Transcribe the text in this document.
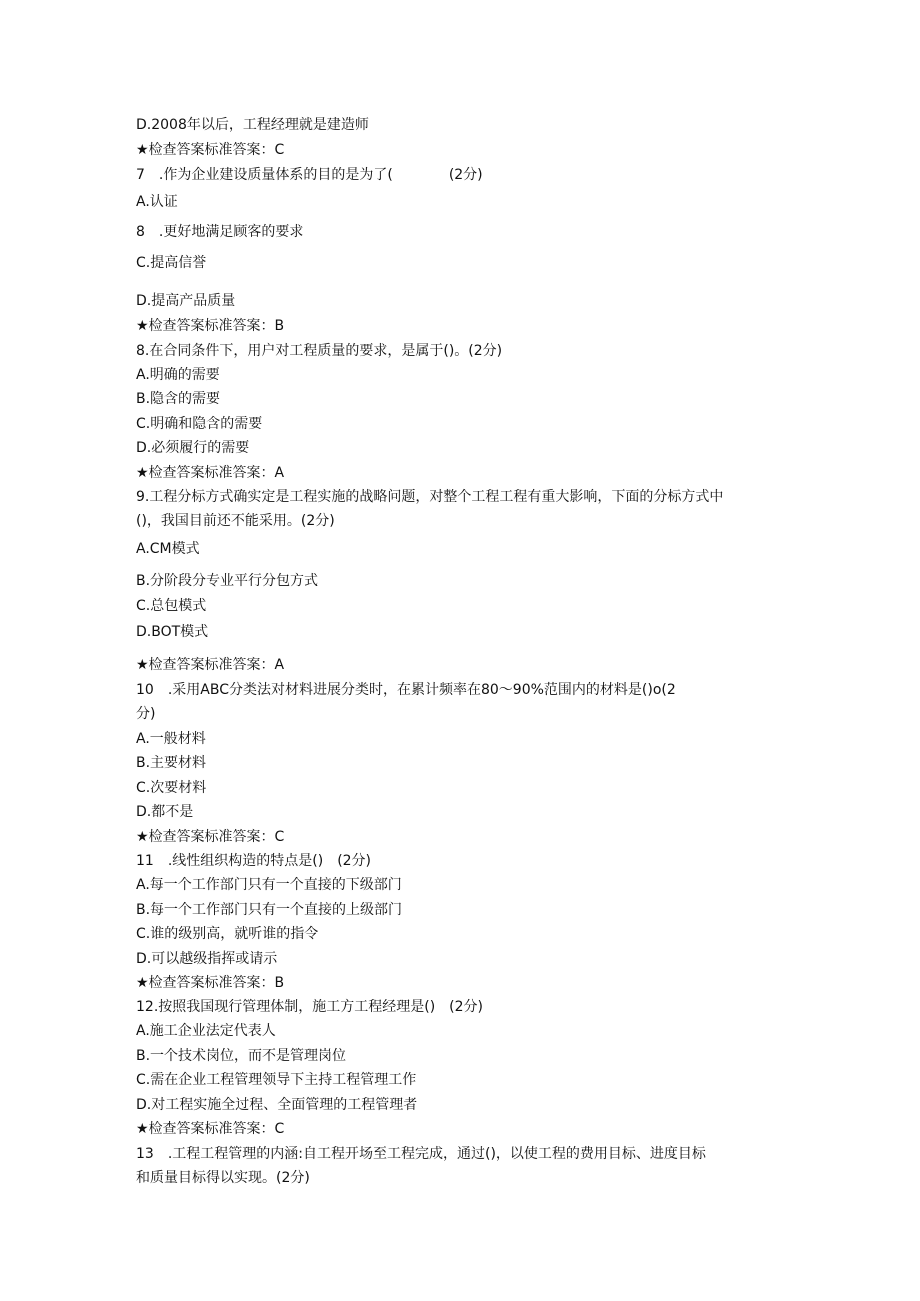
D.2008年以后，工程经理就是建造师
★检查答案标准答案：C
7　.作为企业建设质量体系的目的是为了(　　　　(2分)
A.认证
8　.更好地满足顾客的要求
C.提高信誉
D.提高产品质量
★检查答案标准答案：B
8.在合同条件下，用户对工程质量的要求，是属于()。(2分)
A.明确的需要
B.隐含的需要
C.明确和隐含的需要
D.必须履行的需要
★检查答案标准答案：A
9.工程分标方式确实定是工程实施的战略问题，对整个工程工程有重大影响，下面的分标方式中
()，我国目前还不能采用。(2分)
A.CM模式
B.分阶段分专业平行分包方式
C.总包模式
D.BOT模式
★检查答案标准答案：A
10　.采用ABC分类法对材料进展分类时，在累计频率在80～90%范围内的材料是()o(2
分)
A.一般材料
B.主要材料
C.次要材料
D.都不是
★检查答案标准答案：C
11　.线性组织构造的特点是()　(2分)
A.每一个工作部门只有一个直接的下级部门
B.每一个工作部门只有一个直接的上级部门
C.谁的级别高，就听谁的指令
D.可以越级指挥或请示
★检查答案标准答案：B
12.按照我国现行管理体制，施工方工程经理是()　(2分)
A.施工企业法定代表人
B.一个技术岗位，而不是管理岗位
C.需在企业工程管理领导下主持工程管理工作
D.对工程实施全过程、全面管理的工程管理者
★检查答案标准答案：C
13　.工程工程管理的内涵:自工程开场至工程完成，通过()，以使工程的费用目标、进度目标
和质量目标得以实现。(2分)
